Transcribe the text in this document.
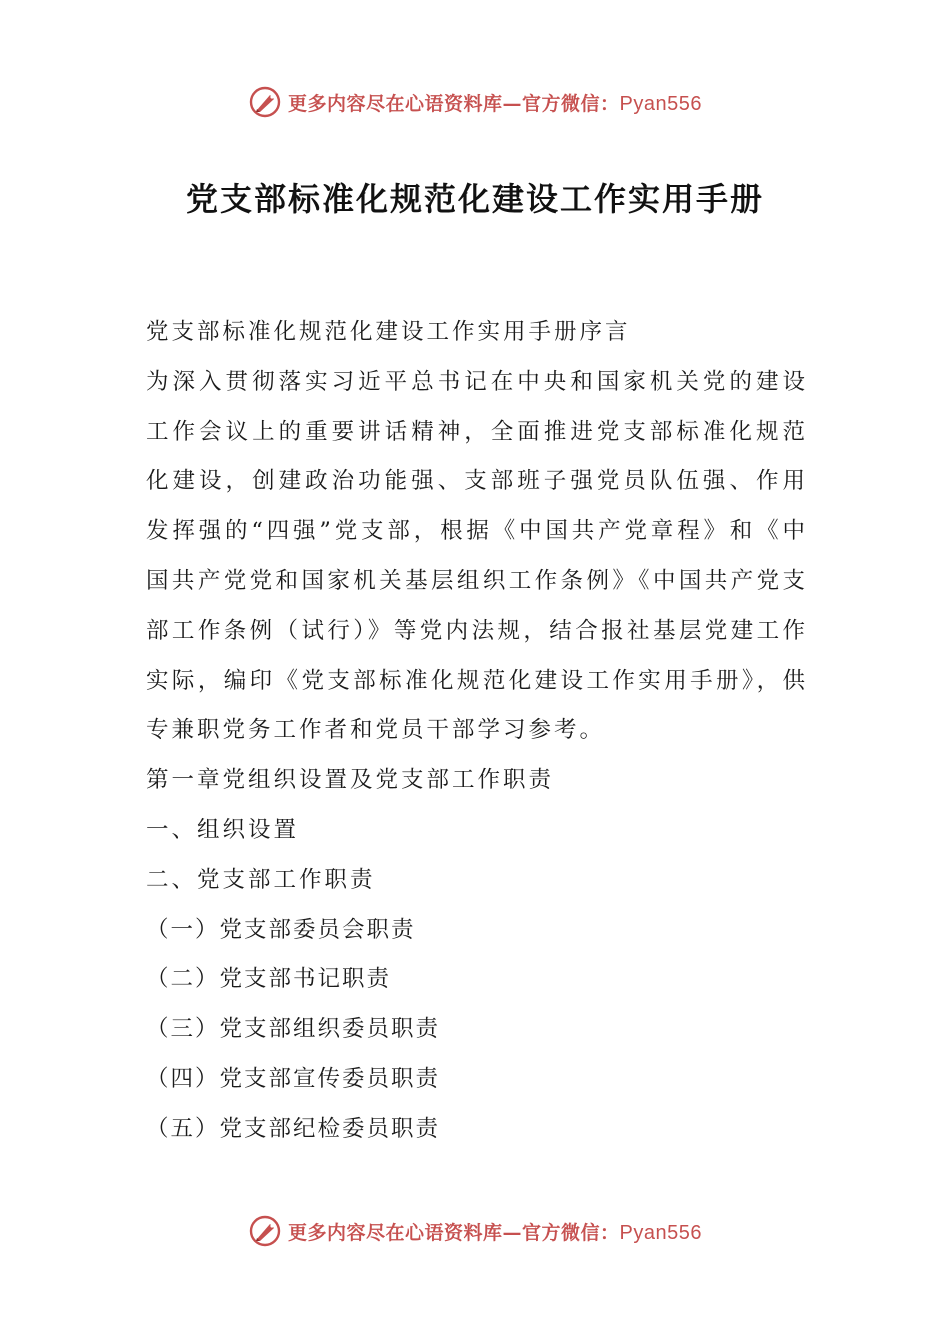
更多内容尽在心语资料库—官方微信：Pyan556
党支部标准化规范化建设工作实用手册

党支部标准化规范化建设工作实用手册序言

为深入贯彻落实习近平总书记在中央和国家机关党的建设工作会议上的重要讲话精神，全面推进党支部标准化规范化建设，创建政治功能强、支部班子强党员队伍强、作用发挥强的“四强”党支部，根据《中国共产党章程》和《中国共产党党和国家机关基层组织工作条例》《中国共产党支部工作条例（试行）》等党内法规，结合报社基层党建工作实际，编印《党支部标准化规范化建设工作实用手册》，供专兼职党务工作者和党员干部学习参考。

第一章党组织设置及党支部工作职责

一、组织设置

二、党支部工作职责

（一）党支部委员会职责

（二）党支部书记职责

（三）党支部组织委员职责

（四）党支部宣传委员职责

（五）党支部纪检委员职责

更多内容尽在心语资料库—官方微信：Pyan556
